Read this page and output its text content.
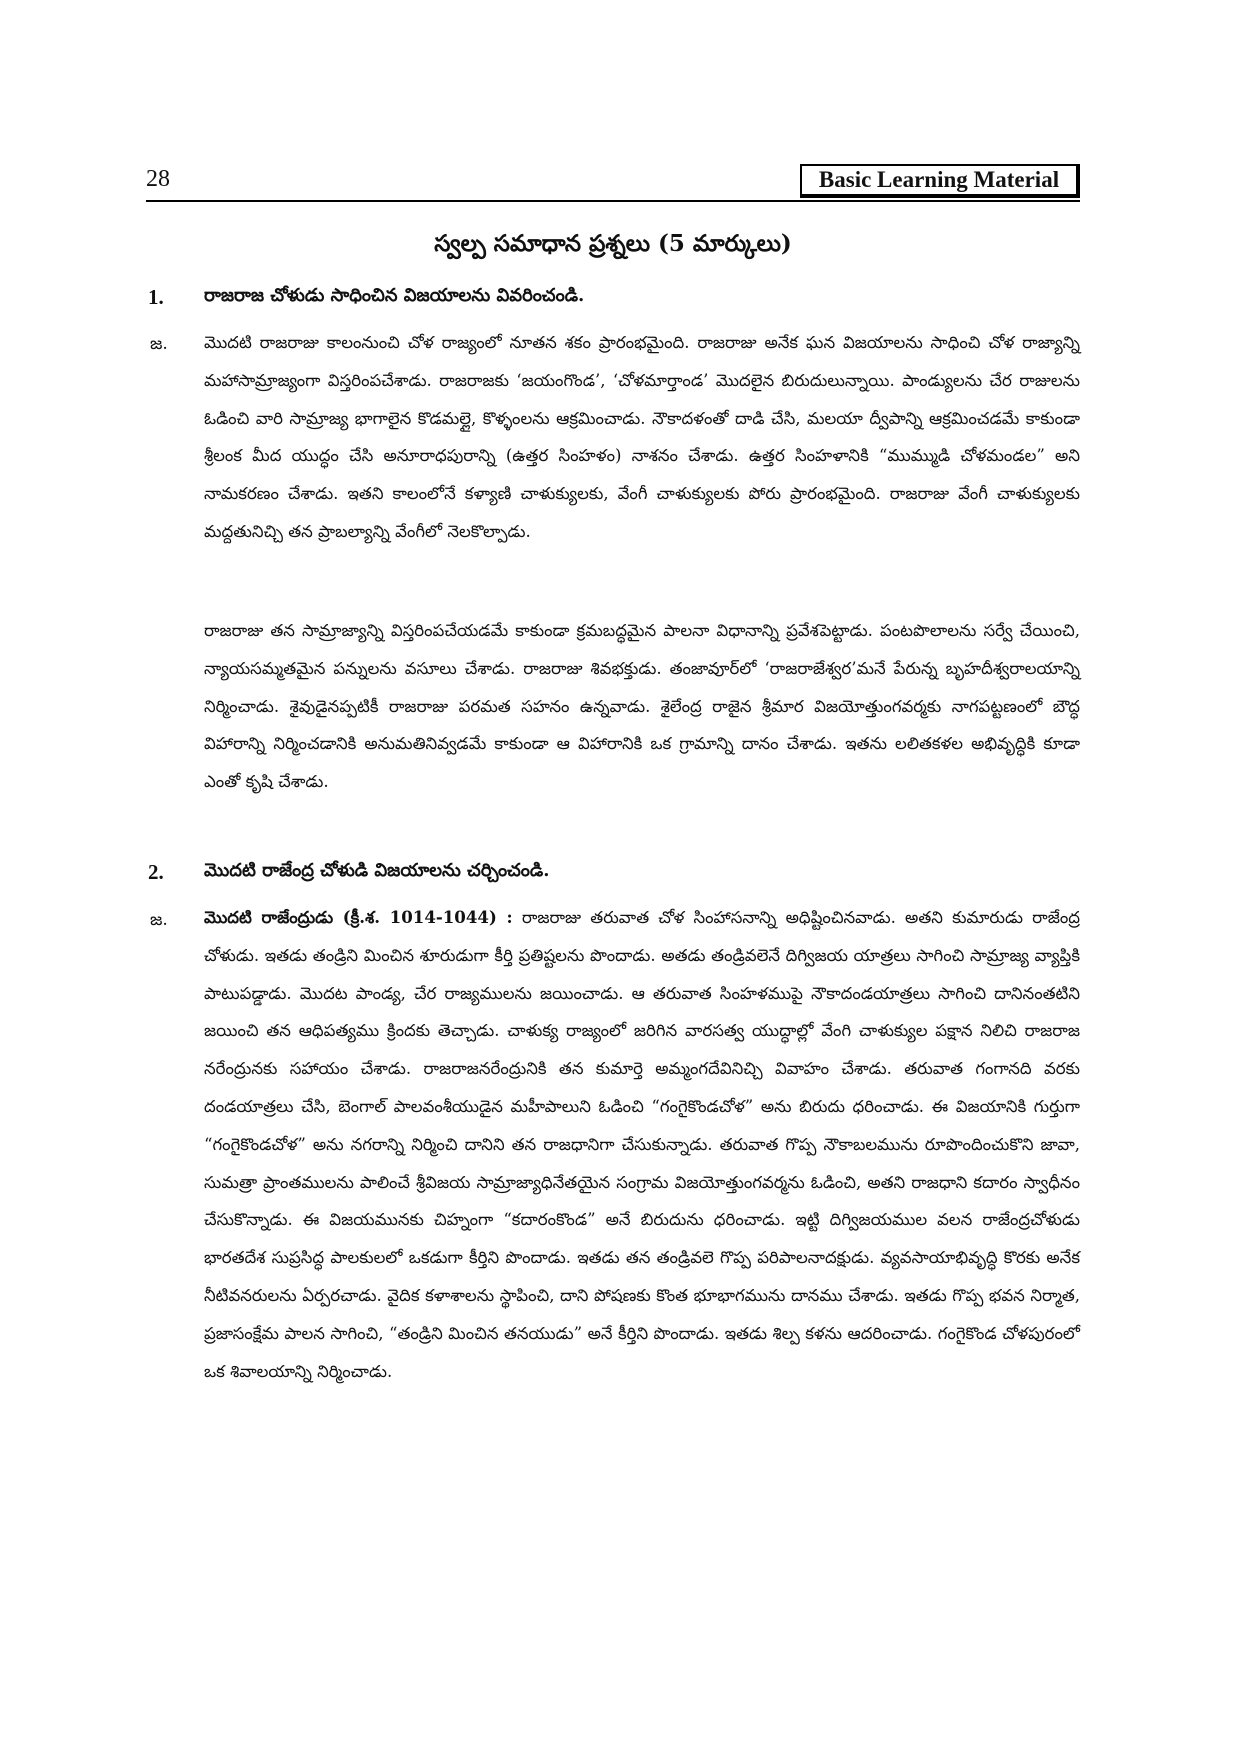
28	Basic Learning Material
స్వల్ప సమాధాన ప్రశ్నలు (5 మార్కులు)
1. రాజరాజ చోళుడు సాధించిన విజయాలను వివరించండి.
జ. మొదటి రాజరాజు కాలంనుంచి చోళ రాజ్యంలో నూతన శకం ప్రారంభమైంది. రాజరాజు అనేక ఘన విజయాలను సాధించి చోళ రాజ్యాన్ని మహాసామ్రాజ్యంగా విస్తరింపచేశాడు. రాజరాజకు ‘జయంగొండ’, ‘చోళమార్తాండ’ మొదలైన బిరుదులున్నాయి. పాండ్యులను చేర రాజులను ఓడించి వారి సామ్రాజ్య భాగాలైన కొడమల్లై, కొళ్ళంలను ఆక్రమించాడు. నౌకాదళంతో దాడి చేసి, మలయా ద్వీపాన్ని ఆక్రమించడమే కాకుండా శ్రీలంక మీద యుద్ధం చేసి అనూరాధపురాన్ని (ఉత్తర సింహళం) నాశనం చేశాడు. ఉత్తర సింహళానికి “ముమ్ముడి చోళమండల” అని నామకరణం చేశాడు. ఇతని కాలంలోనే కళ్యాణి చాళుక్యులకు, వేంగీ చాళుక్యులకు పోరు ప్రారంభమైంది. రాజరాజు వేంగీ చాళుక్యులకు మద్దతునిచ్చి తన ప్రాబల్యాన్ని వేంగీలో నెలకొల్పాడు.

రాజరాజు తన సామ్రాజ్యాన్ని విస్తరింపచేయడమే కాకుండా క్రమబద్ధమైన పాలనా విధానాన్ని ప్రవేశపెట్టాడు. పంటపొలాలను సర్వే చేయించి, న్యాయసమ్మతమైన పన్నులను వసూలు చేశాడు. రాజరాజు శివభక్తుడు. తంజావూర్‌లో ‘రాజరాజేశ్వర’మనే పేరున్న బృహదీశ్వరాలయాన్ని నిర్మించాడు. శైవుడైనప్పటికీ రాజరాజు పరమత సహనం ఉన్నవాడు. శైలేంద్ర రాజైన శ్రీమార విజయోత్తుంగవర్మకు నాగపట్టణంలో బౌద్ధ విహారాన్ని నిర్మించడానికి అనుమతినివ్వడమే కాకుండా ఆ విహారానికి ఒక గ్రామాన్ని దానం చేశాడు. ఇతను లలితకళల అభివృద్ధికి కూడా ఎంతో కృషి చేశాడు.

2. మొదటి రాజేంద్ర చోళుడి విజయాలను చర్చించండి.
జ. మొదటి రాజేంద్రుడు (క్రీ.శ. 1014-1044) : రాజరాజు తరువాత చోళ సింహాసనాన్ని అధిష్టించినవాడు. అతని కుమారుడు రాజేంద్ర చోళుడు. ఇతడు తండ్రిని మించిన శూరుడుగా కీర్తి ప్రతిష్టలను పొందాడు. అతడు తండ్రివలెనే దిగ్విజయ యాత్రలు సాగించి సామ్రాజ్య వ్యాప్తికి పాటుపడ్డాడు. మొదట పాండ్య, చేర రాజ్యములను జయించాడు. ఆ తరువాత సింహళముపై నౌకాదండయాత్రలు సాగించి దానినంతటిని జయించి తన ఆధిపత్యము క్రిందకు తెచ్చాడు. చాళుక్య రాజ్యంలో జరిగిన వారసత్వ యుద్ధాల్లో వేంగి చాళుక్యుల పక్షాన నిలిచి రాజరాజ నరేంద్రునకు సహాయం చేశాడు. రాజరాజనరేంద్రునికి తన కుమార్తె అమ్మంగదేవినిచ్చి వివాహం చేశాడు. తరువాత గంగానది వరకు దండయాత్రలు చేసి, బెంగాల్ పాలవంశీయుడైన మహీపాలుని ఓడించి “గంగైకొండచోళ” అను బిరుదు ధరించాడు. ఈ విజయానికి గుర్తుగా “గంగైకొండచోళ” అను నగరాన్ని నిర్మించి దానిని తన రాజధానిగా చేసుకున్నాడు. తరువాత గొప్ప నౌకాబలమును రూపొందించుకొని జావా, సుమత్రా ప్రాంతములను పాలించే శ్రీవిజయ సామ్రాజ్యాధినేతయైన సంగ్రామ విజయోత్తుంగవర్మను ఓడించి, అతని రాజధాని కదారం స్వాధీనం చేసుకొన్నాడు. ఈ విజయమునకు చిహ్నంగా “కదారంకొండ” అనే బిరుదును ధరించాడు. ఇట్టి దిగ్విజయముల వలన రాజేంద్రచోళుడు భారతదేశ సుప్రసిద్ధ పాలకులలో ఒకడుగా కీర్తిని పొందాడు. ఇతడు తన తండ్రివలె గొప్ప పరిపాలనాదక్షుడు. వ్యవసాయాభివృద్ధి కొరకు అనేక నీటివనరులను ఏర్పరచాడు. వైదిక కళాశాలను స్థాపించి, దాని పోషణకు కొంత భూభాగమును దానము చేశాడు. ఇతడు గొప్ప భవన నిర్మాత, ప్రజాసంక్షేమ పాలన సాగించి, “తండ్రిని మించిన తనయుడు” అనే కీర్తిని పొందాడు. ఇతడు శిల్ప కళను ఆదరించాడు. గంగైకొండ చోళపురంలో ఒక శివాలయాన్ని నిర్మించాడు.
